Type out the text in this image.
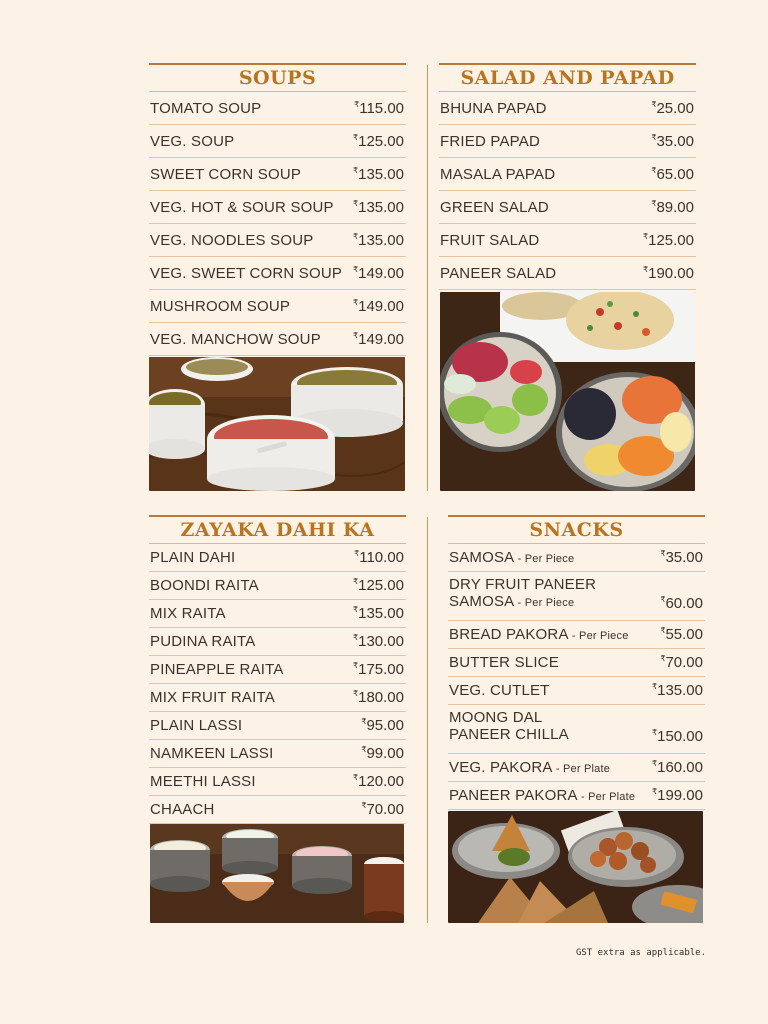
SOUPS
TOMATO SOUP	₹115.00
VEG. SOUP	₹125.00
SWEET CORN SOUP	₹135.00
VEG. HOT & SOUR SOUP ₹135.00
VEG. NOODLES SOUP	₹135.00
VEG. SWEET CORN SOUP ₹149.00
MUSHROOM SOUP	₹149.00
VEG. MANCHOW SOUP	₹149.00
SALAD AND PAPAD
BHUNA PAPAD	₹25.00
FRIED PAPAD	₹35.00
MASALA PAPAD	₹65.00
GREEN SALAD	₹89.00
FRUIT SALAD	₹125.00
PANEER SALAD	₹190.00
ZAYAKA DAHI KA
PLAIN DAHI	₹110.00
BOONDI RAITA	₹125.00
MIX RAITA	₹135.00
PUDINA RAITA	₹130.00
PINEAPPLE RAITA	₹175.00
MIX FRUIT RAITA	₹180.00
PLAIN LASSI	₹95.00
NAMKEEN LASSI	₹99.00
MEETHI LASSI	₹120.00
CHAACH	₹70.00
SNACKS
SAMOSA - Per Piece	₹35.00
DRY FRUIT PANEER
SAMOSA - Per Piece	₹60.00
BREAD PAKORA - Per Piece	₹55.00
BUTTER SLICE	₹70.00
VEG. CUTLET	₹135.00
MOONG DAL
PANEER CHILLA	₹150.00
VEG. PAKORA - Per Plate	₹160.00
PANEER PAKORA - Per Plate ₹199.00
GST extra as applicable.
